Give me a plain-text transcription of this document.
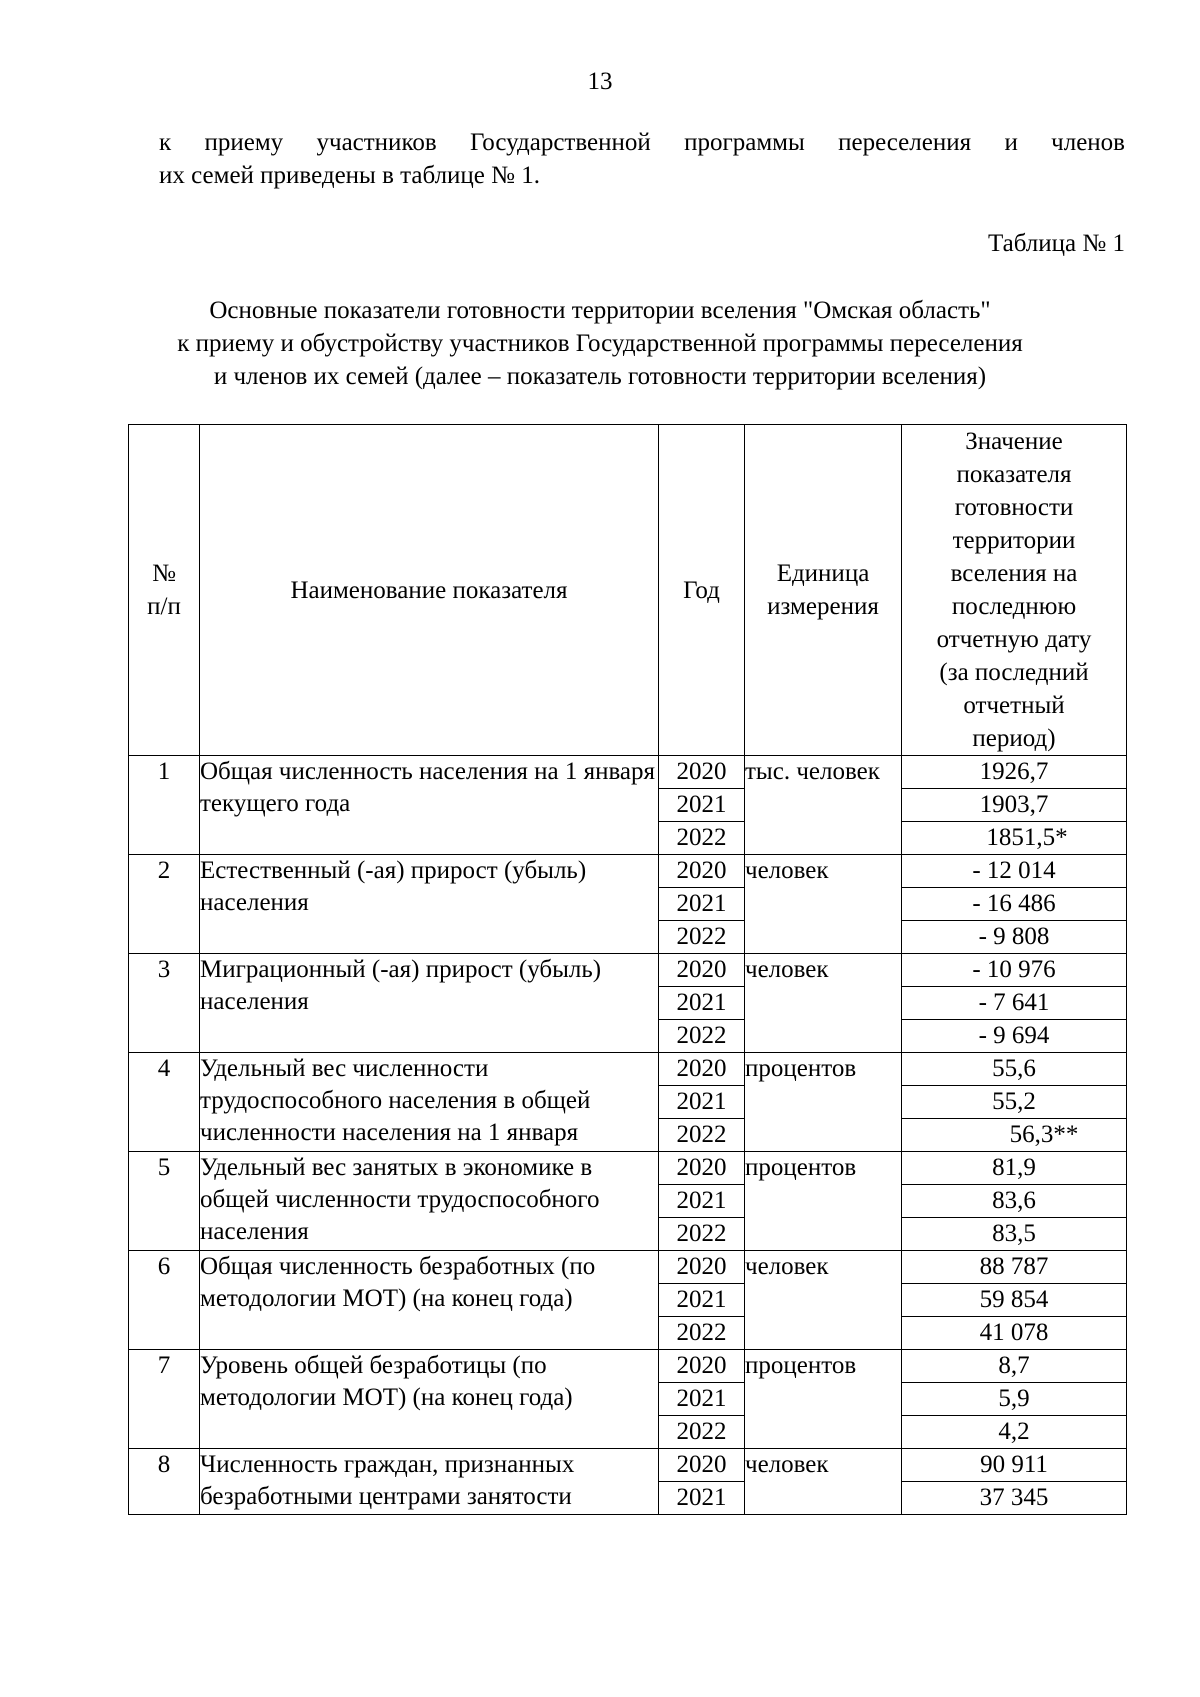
13
к приему участников Государственной программы переселения и членов
их семей приведены в таблице № 1.
Таблица № 1
Основные показатели готовности территории вселения "Омская область"
к приему и обустройству участников Государственной программы переселения
и членов их семей (далее – показатель готовности территории вселения)
№ п/п	Наименование показателя	Год	Единица измерения	Значение показателя готовности территории вселения на последнюю отчетную дату (за последний отчетный период)

1	Общая численность населения на 1 января текущего года	2020	тыс. человек	1926,7
		2021		1903,7
		2022		1851,5*
2	Естественный (-ая) прирост (убыль) населения	2020	человек	- 12 014
		2021		- 16 486
		2022		- 9 808
3	Миграционный (-ая) прирост (убыль) населения	2020	человек	- 10 976
		2021		- 7 641
		2022		- 9 694
4	Удельный вес численности трудоспособного населения в общей численности населения на 1 января	2020	процентов	55,6
		2021		55,2
		2022		56,3**
5	Удельный вес занятых в экономике в общей численности трудоспособного населения	2020	процентов	81,9
		2021		83,6
		2022		83,5
6	Общая численность безработных (по методологии МОТ) (на конец года)	2020	человек	88 787
		2021		59 854
		2022		41 078
7	Уровень общей безработицы (по методологии МОТ) (на конец года)	2020	процентов	8,7
		2021		5,9
		2022		4,2
8	Численность граждан, признанных безработными центрами занятости	2020	человек	90 911
		2021		37 345
